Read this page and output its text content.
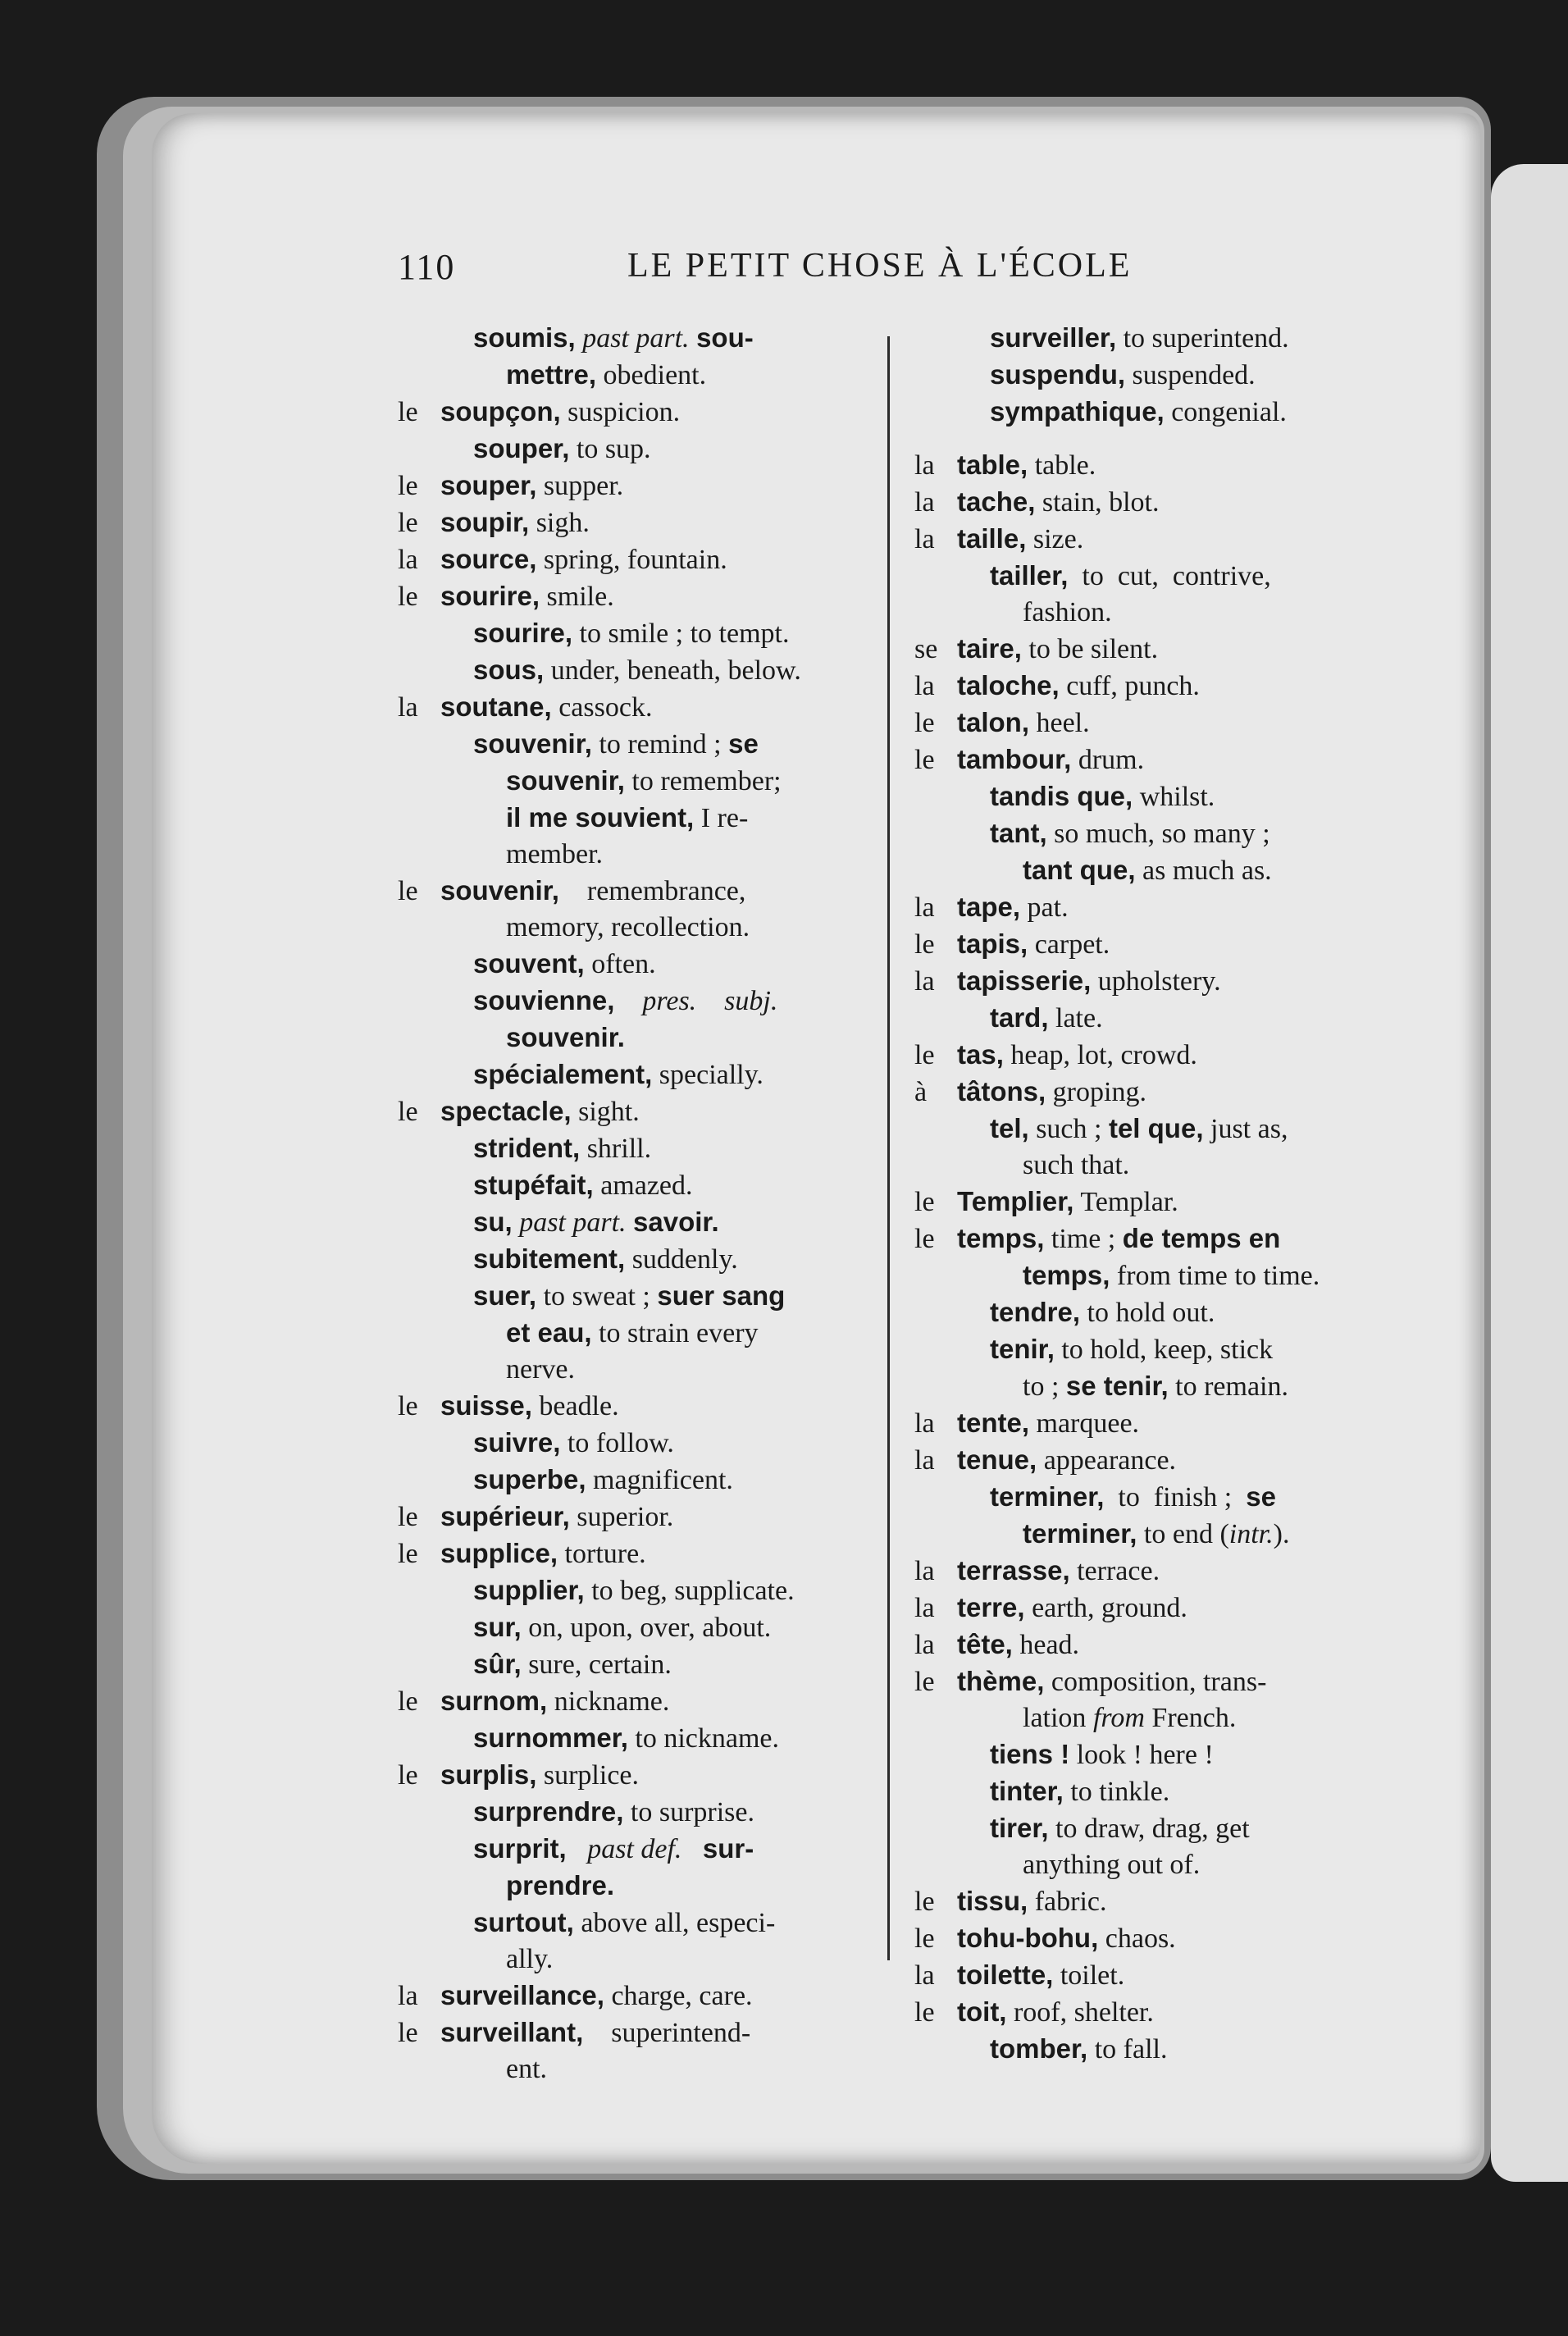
110	LE PETIT CHOSE À L'ÉCOLE
soumis, past part. sou-
mettre, obedient.
le soupçon, suspicion.
souper, to sup.
le souper, supper.
le soupir, sigh.
la source, spring, fountain.
le sourire, smile.
sourire, to smile ; to tempt.
sous, under, beneath, below.
la soutane, cassock.
souvenir, to remind ; se
souvenir, to remember;
il me souvient, I re-
member.
le souvenir,    remembrance,
memory, recollection.
souvent, often.
souvienne, pres.    subj.
souvenir.
spécialement, specially.
le spectacle, sight.
strident, shrill.
stupéfait, amazed.
su, past part. savoir.
subitement, suddenly.
suer, to sweat ; suer sang
et eau, to strain every
nerve.
le suisse, beadle.
suivre, to follow.
superbe, magnificent.
le supérieur, superior.
le supplice, torture.
supplier, to beg, supplicate.
sur, on, upon, over, about.
sûr, sure, certain.
le surnom, nickname.
surnommer, to nickname.
le surplis, surplice.
surprendre, to surprise.
surprit, past def. sur-
prendre.
surtout, above all, especi-
ally.
la surveillance, charge, care.
le surveillant,    superintend-
ent.
surveiller, to superintend.
suspendu, suspended.
sympathique, congenial.
la table, table.
la tache, stain, blot.
la taille, size.
tailler,  to  cut,  contrive,
fashion.
se taire, to be silent.
la taloche, cuff, punch.
le talon, heel.
le tambour, drum.
tandis que, whilst.
tant, so much, so many ;
tant que, as much as.
la tape, pat.
le tapis, carpet.
la tapisserie, upholstery.
tard, late.
le tas, heap, lot, crowd.
à tâtons, groping.
tel, such ; tel que, just as,
such that.
le Templier, Templar.
le temps, time ; de temps en
temps, from time to time.
tendre, to hold out.
tenir, to hold, keep, stick
to ; se tenir, to remain.
la tente, marquee.
la tenue, appearance.
terminer,  to  finish ;  se
terminer, to end (intr.).
la terrasse, terrace.
la terre, earth, ground.
la tête, head.
le thème, composition, trans-
lation from French.
tiens ! look ! here !
tinter, to tinkle.
tirer, to draw, drag, get
anything out of.
le tissu, fabric.
le tohu-bohu, chaos.
la toilette, toilet.
le toit, roof, shelter.
tomber, to fall.
